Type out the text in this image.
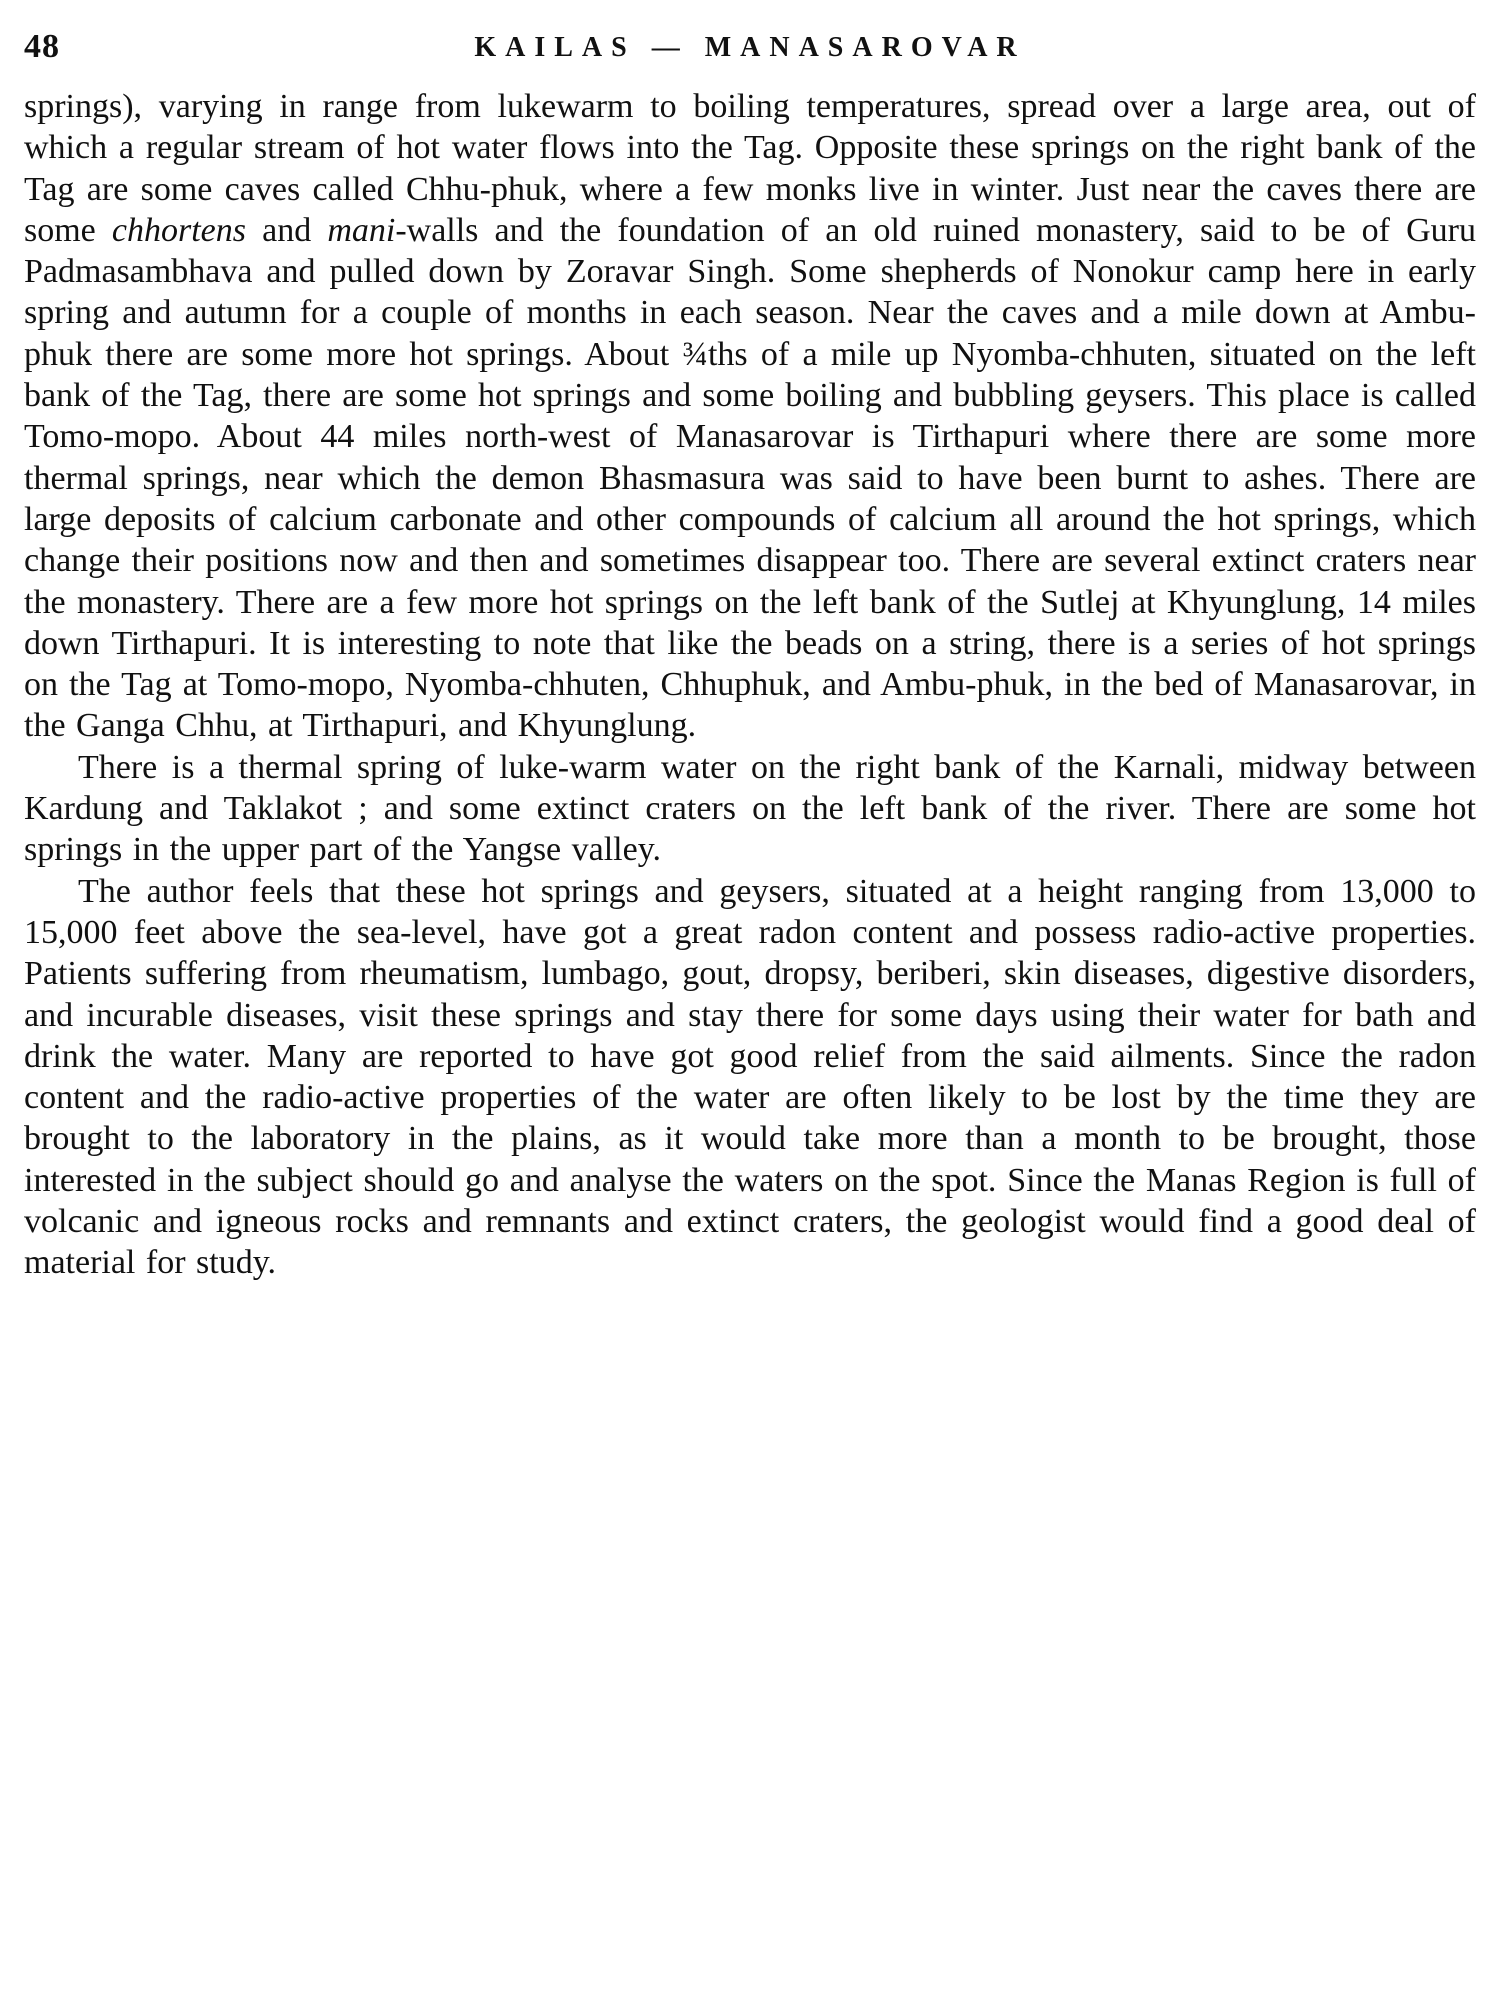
48	KAILAS — MANASAROVAR

springs), varying in range from lukewarm to boiling temperatures, spread over a large area, out of which a regular stream of hot water flows into the Tag. Opposite these springs on the right bank of the Tag are some caves called Chhu-phuk, where a few monks live in winter. Just near the caves there are some chhortens and mani-walls and the foundation of an old ruined monastery, said to be of Guru Padmasambhava and pulled down by Zoravar Singh. Some shepherds of Nonokur camp here in early spring and autumn for a couple of months in each season. Near the caves and a mile down at Ambu-phuk there are some more hot springs. About ¾ths of a mile up Nyomba-chhuten, situated on the left bank of the Tag, there are some hot springs and some boiling and bubbling geysers. This place is called Tomo-mopo. About 44 miles north-west of Manasarovar is Tirthapuri where there are some more thermal springs, near which the demon Bhasmasura was said to have been burnt to ashes. There are large deposits of calcium carbonate and other compounds of calcium all around the hot springs, which change their positions now and then and sometimes disappear too. There are several extinct craters near the monastery. There are a few more hot springs on the left bank of the Sutlej at Khyunglung, 14 miles down Tirthapuri. It is interesting to note that like the beads on a string, there is a series of hot springs on the Tag at Tomo-mopo, Nyomba-chhuten, Chhuphuk, and Ambu-phuk, in the bed of Manasarovar, in the Ganga Chhu, at Tirthapuri, and Khyunglung.

There is a thermal spring of luke-warm water on the right bank of the Karnali, midway between Kardung and Taklakot ; and some extinct craters on the left bank of the river. There are some hot springs in the upper part of the Yangse valley.

The author feels that these hot springs and geysers, situated at a height ranging from 13,000 to 15,000 feet above the sea-level, have got a great radon content and possess radio-active properties. Patients suffering from rheumatism, lumbago, gout, dropsy, beriberi, skin diseases, digestive disorders, and incurable diseases, visit these springs and stay there for some days using their water for bath and drink the water. Many are reported to have got good relief from the said ailments. Since the radon content and the radio-active properties of the water are often likely to be lost by the time they are brought to the laboratory in the plains, as it would take more than a month to be brought, those interested in the subject should go and analyse the waters on the spot. Since the Manas Region is full of volcanic and igneous rocks and remnants and extinct craters, the geologist would find a good deal of material for study.
